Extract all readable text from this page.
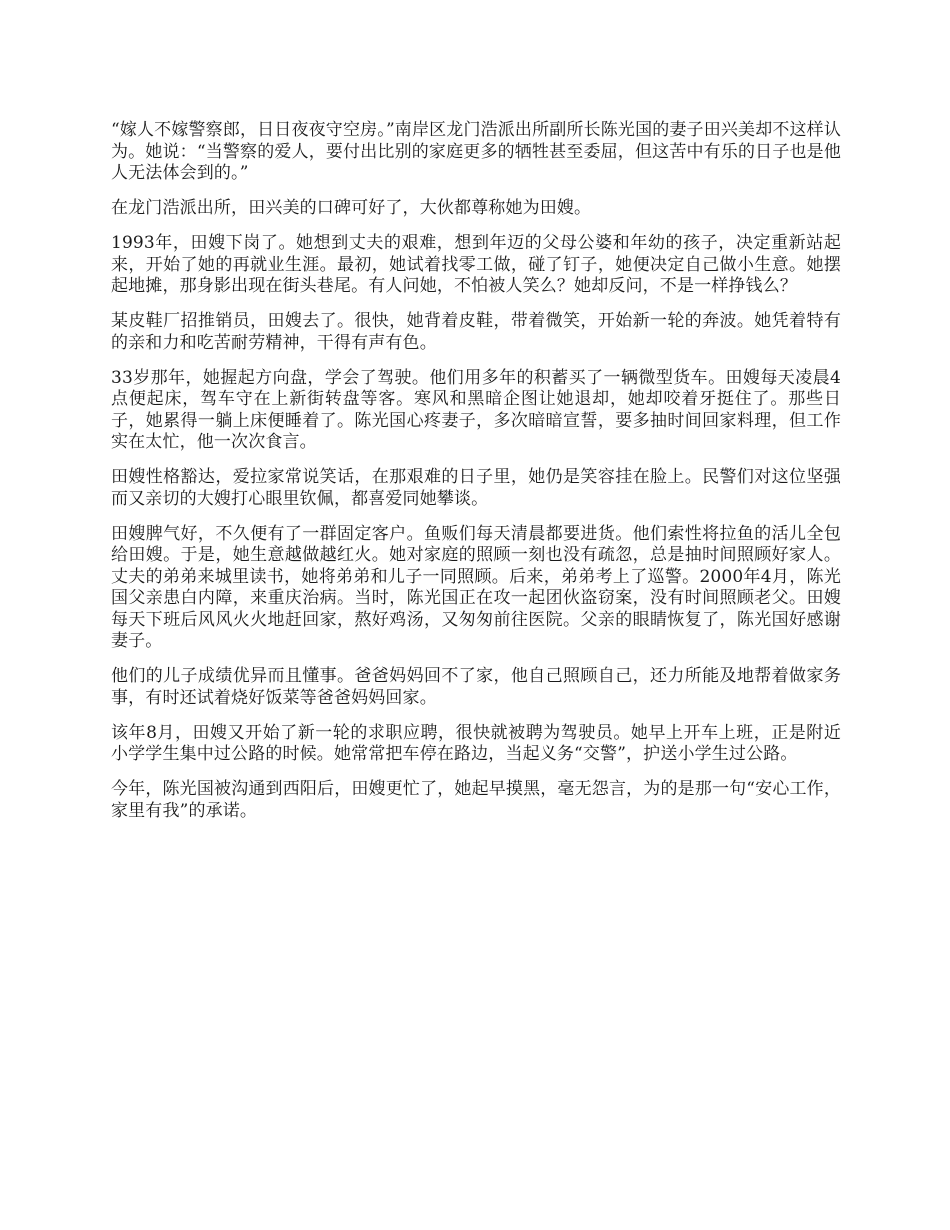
“嫁人不嫁警察郎，日日夜夜守空房。”南岸区龙门浩派出所副所长陈光国的妻子田兴美却不这样认为。她说：“当警察的爱人，要付出比别的家庭更多的牺牲甚至委屈，但这苦中有乐的日子也是他人无法体会到的。”

在龙门浩派出所，田兴美的口碑可好了，大伙都尊称她为田嫂。

1993年，田嫂下岗了。她想到丈夫的艰难，想到年迈的父母公婆和年幼的孩子，决定重新站起来，开始了她的再就业生涯。最初，她试着找零工做，碰了钉子，她便决定自己做小生意。她摆起地摊，那身影出现在街头巷尾。有人问她，不怕被人笑么？她却反问，不是一样挣钱么？

某皮鞋厂招推销员，田嫂去了。很快，她背着皮鞋，带着微笑，开始新一轮的奔波。她凭着特有的亲和力和吃苦耐劳精神，干得有声有色。

33岁那年，她握起方向盘，学会了驾驶。他们用多年的积蓄买了一辆微型货车。田嫂每天凌晨4点便起床，驾车守在上新街转盘等客。寒风和黑暗企图让她退却，她却咬着牙挺住了。那些日子，她累得一躺上床便睡着了。陈光国心疼妻子，多次暗暗宣誓，要多抽时间回家料理，但工作实在太忙，他一次次食言。

田嫂性格豁达，爱拉家常说笑话，在那艰难的日子里，她仍是笑容挂在脸上。民警们对这位坚强而又亲切的大嫂打心眼里钦佩，都喜爱同她攀谈。

田嫂脾气好，不久便有了一群固定客户。鱼贩们每天清晨都要进货。他们索性将拉鱼的活儿全包给田嫂。于是，她生意越做越红火。她对家庭的照顾一刻也没有疏忽，总是抽时间照顾好家人。丈夫的弟弟来城里读书，她将弟弟和儿子一同照顾。后来，弟弟考上了巡警。2000年4月，陈光国父亲患白内障，来重庆治病。当时，陈光国正在攻一起团伙盗窃案，没有时间照顾老父。田嫂每天下班后风风火火地赶回家，熬好鸡汤，又匆匆前往医院。父亲的眼睛恢复了，陈光国好感谢妻子。

他们的儿子成绩优异而且懂事。爸爸妈妈回不了家，他自己照顾自己，还力所能及地帮着做家务事，有时还试着烧好饭菜等爸爸妈妈回家。

该年8月，田嫂又开始了新一轮的求职应聘，很快就被聘为驾驶员。她早上开车上班，正是附近小学学生集中过公路的时候。她常常把车停在路边，当起义务“交警”，护送小学生过公路。

今年，陈光国被沟通到西阳后，田嫂更忙了，她起早摸黑，毫无怨言，为的是那一句“安心工作，家里有我”的承诺。
